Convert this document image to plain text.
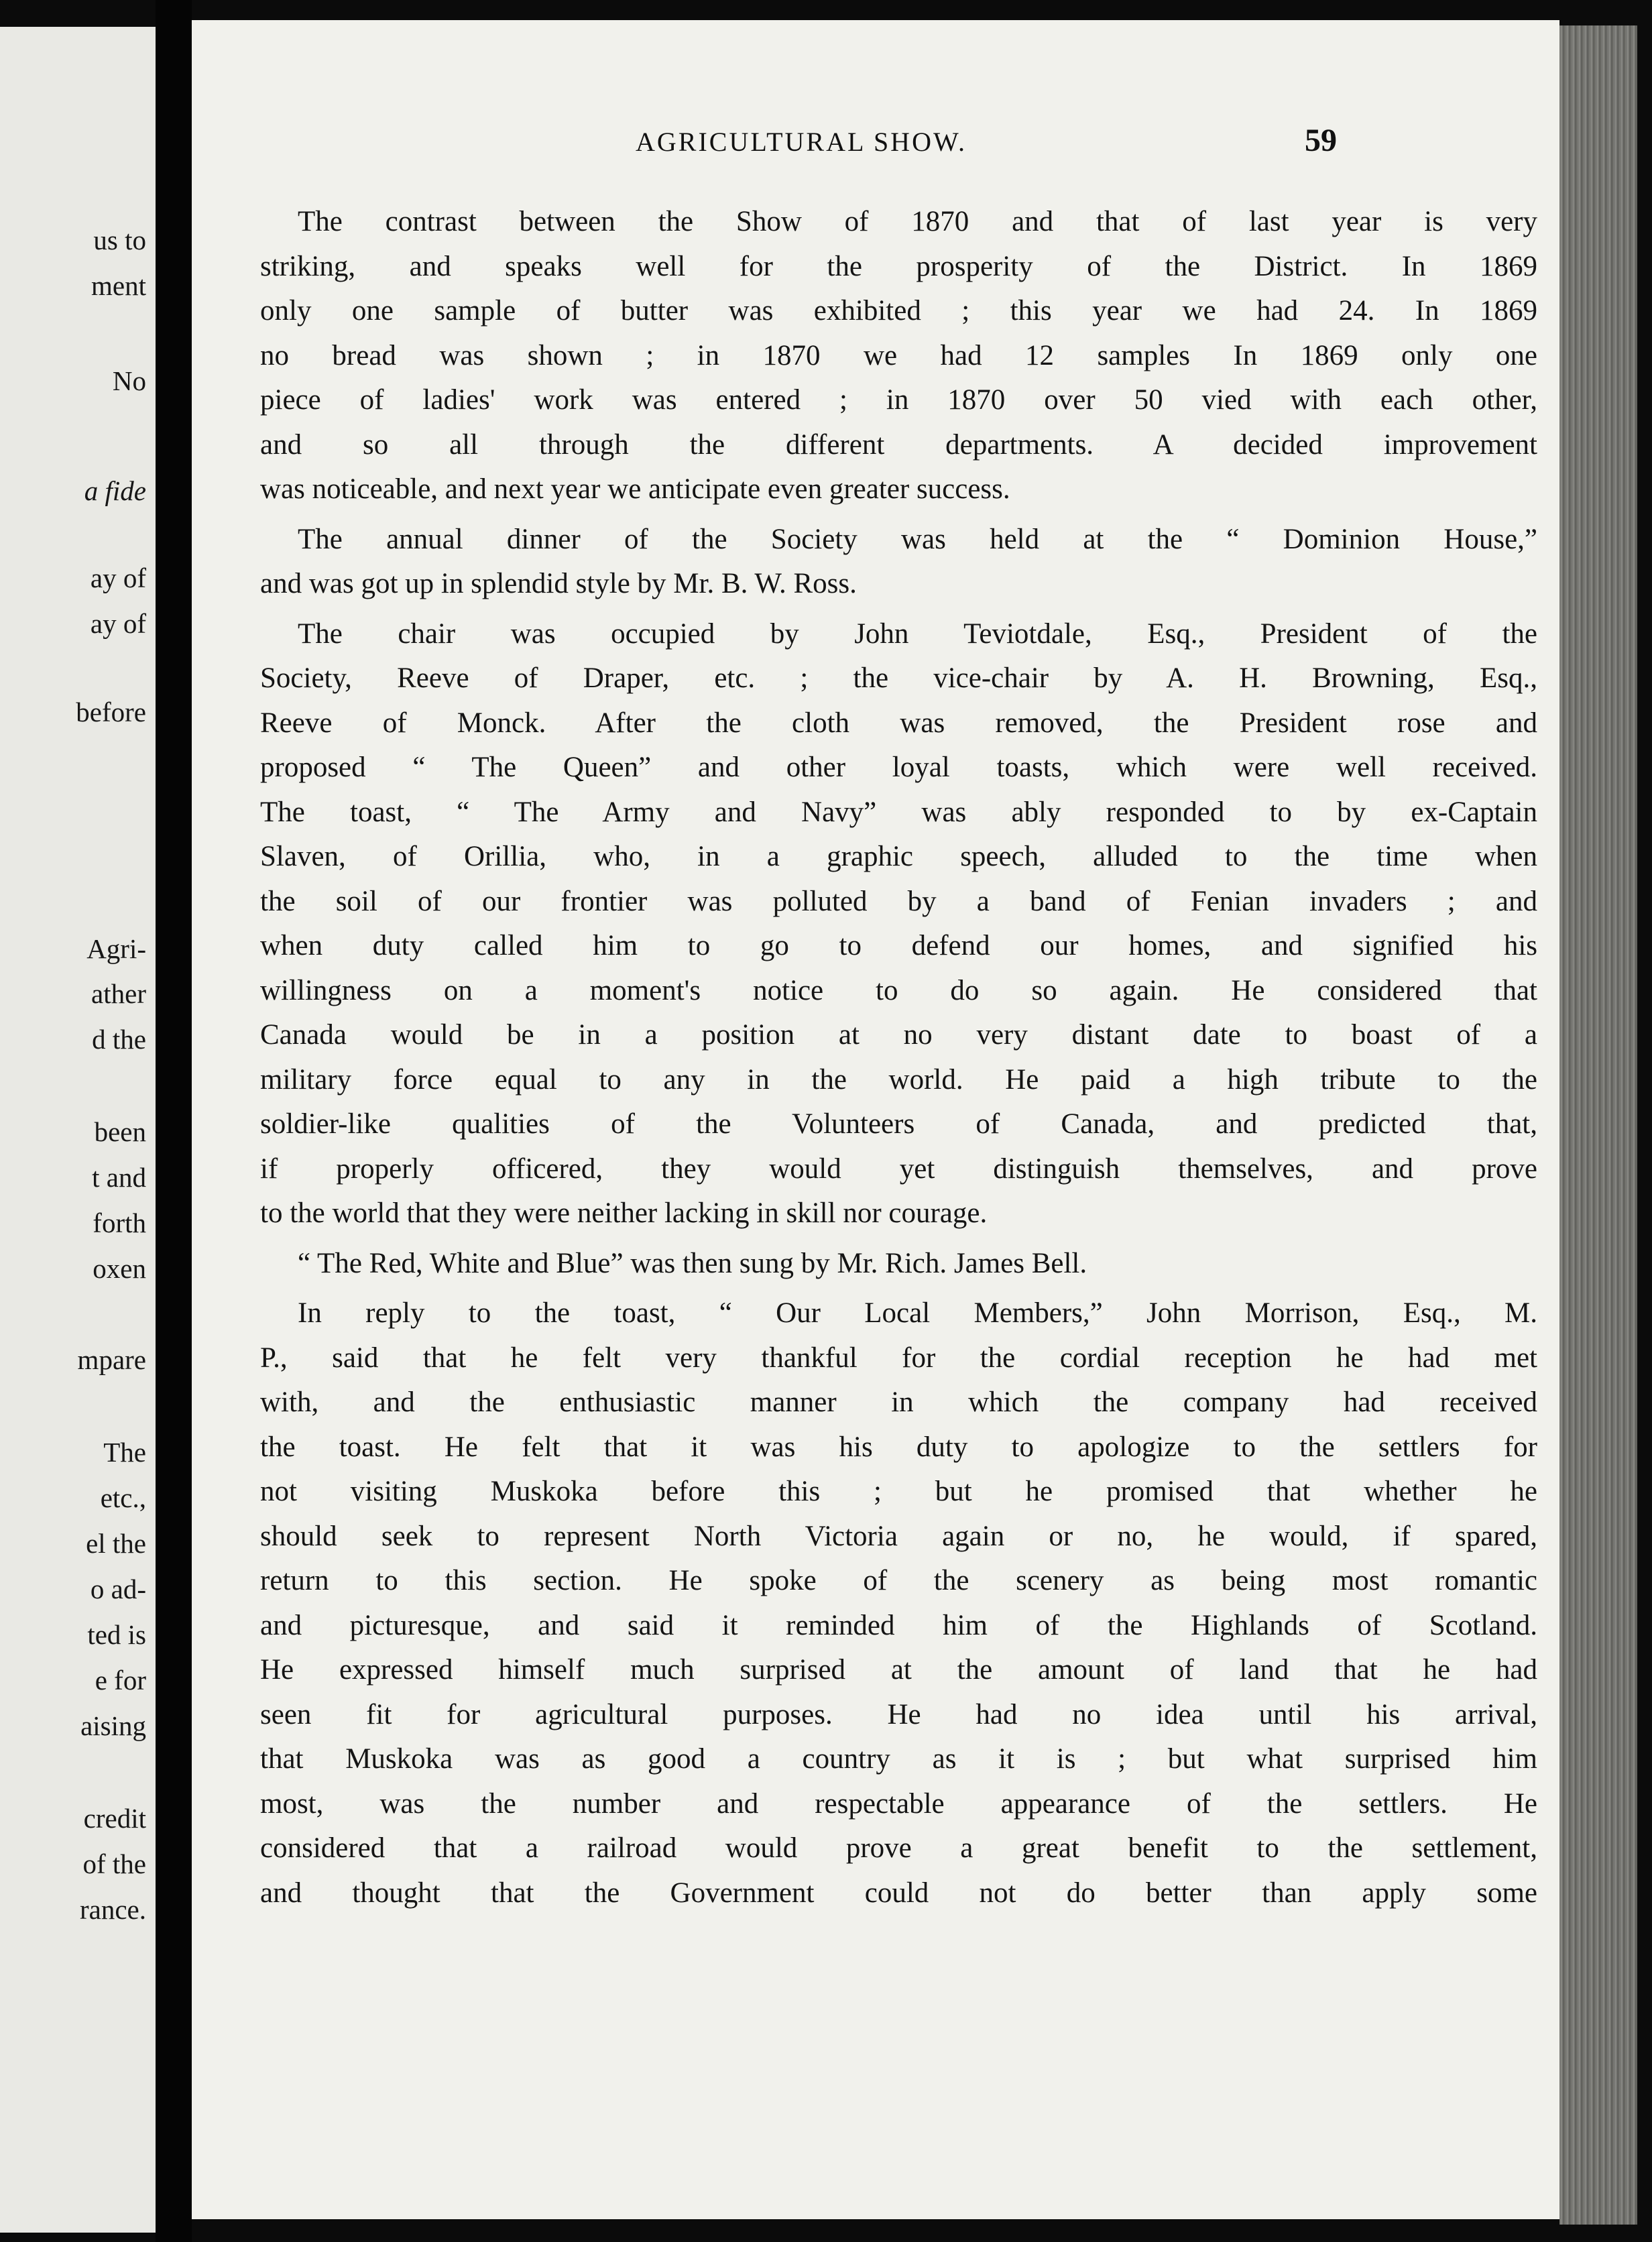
us to
ment
No
a fide
ay of
ay of
before
Agri-
ather
d the
been
t and
forth
oxen
mpare
The
etc.,
el the
o ad-
ted is
e for
aising
credit
of the
rance.
AGRICULTURAL SHOW.	59
The contrast between the Show of 1870 and that of last year is very
striking, and speaks well for the prosperity of the District. In 1869
only one sample of butter was exhibited ; this year we had 24. In 1869
no bread was shown ; in 1870 we had 12 samples In 1869 only one
piece of ladies' work was entered ; in 1870 over 50 vied with each other,
and so all through the different departments. A decided improvement
was noticeable, and next year we anticipate even greater success.
The annual dinner of the Society was held at the “ Dominion House,”
and was got up in splendid style by Mr. B. W. Ross.
The chair was occupied by John Teviotdale, Esq., President of the
Society, Reeve of Draper, etc. ; the vice-chair by A. H. Browning, Esq.,
Reeve of Monck. After the cloth was removed, the President rose and
proposed “ The Queen” and other loyal toasts, which were well received.
The toast, “ The Army and Navy” was ably responded to by ex-Captain
Slaven, of Orillia, who, in a graphic speech, alluded to the time when
the soil of our frontier was polluted by a band of Fenian invaders ; and
when duty called him to go to defend our homes, and signified his
willingness on a moment's notice to do so again. He considered that
Canada would be in a position at no very distant date to boast of a
military force equal to any in the world. He paid a high tribute to the
soldier-like qualities of the Volunteers of Canada, and predicted that,
if properly officered, they would yet distinguish themselves, and prove
to the world that they were neither lacking in skill nor courage.
“ The Red, White and Blue” was then sung by Mr. Rich. James Bell.
In reply to the toast, “ Our Local Members,” John Morrison, Esq., M.
P., said that he felt very thankful for the cordial reception he had met
with, and the enthusiastic manner in which the company had received
the toast. He felt that it was his duty to apologize to the settlers for
not visiting Muskoka before this ; but he promised that whether he
should seek to represent North Victoria again or no, he would, if spared,
return to this section. He spoke of the scenery as being most romantic
and picturesque, and said it reminded him of the Highlands of Scotland.
He expressed himself much surprised at the amount of land that he had
seen fit for agricultural purposes. He had no idea until his arrival,
that Muskoka was as good a country as it is ; but what surprised him
most, was the number and respectable appearance of the settlers. He
considered that a railroad would prove a great benefit to the settlement,
and thought that the Government could not do better than apply some
